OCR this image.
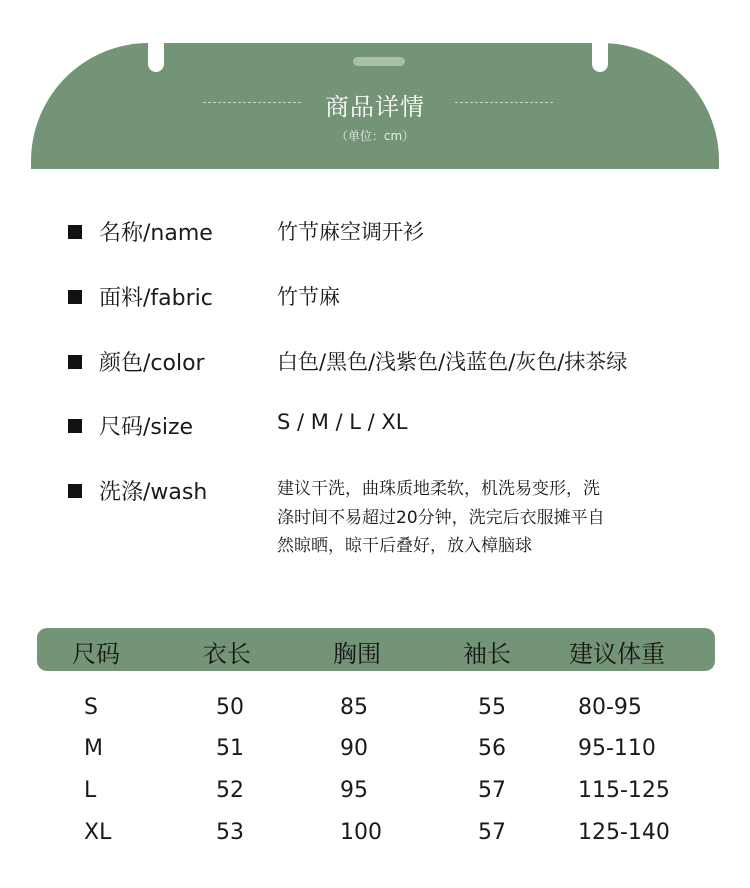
商品详情
（单位：cm）
名称/name	竹节麻空调开衫
面料/fabric	竹节麻
颜色/color	白色/黑色/浅紫色/浅蓝色/灰色/抹茶绿
尺码/size	S / M / L / XL
洗涤/wash	建议干洗，曲珠质地柔软，机洗易变形，洗
涤时间不易超过20分钟，洗完后衣服摊平自
然晾晒，晾干后叠好，放入樟脑球
尺码	衣长	胸围	袖长 建议体重
S	50	85	55	80-95
M	51	90	56	95-110
L	52	95	57	115-125
XL	53	100	57	125-140
